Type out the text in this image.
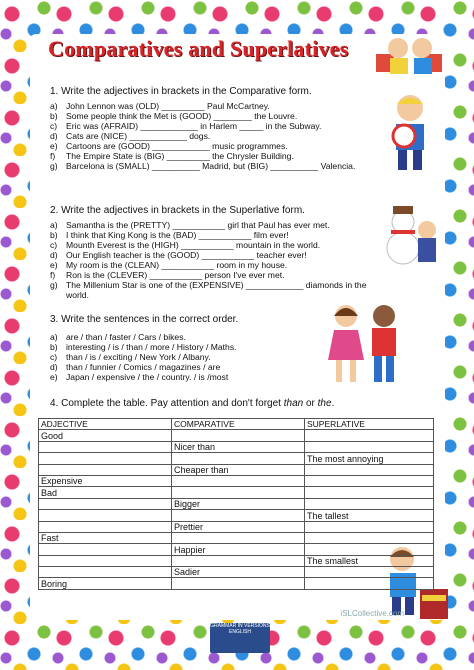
Comparatives and Superlatives
1. Write the adjectives in brackets in the Comparative form.
a) John Lennon was (OLD) _________ Paul McCartney.
b) Some people think the Met is (GOOD) ________ the Louvre.
c)	Eric was (AFRAID) ____________ in Harlem _____ in the Subway.
d) Cats are (NICE) ____________ dogs.
e) Cartoons are (GOOD) ____________ music programmes.
f)	The Empire State is (BIG) _________ the Chrysler Building.
g) Barcelona is (SMALL) __________ Madrid, but (BIG) __________ Valencia.
2. Write the adjectives in brackets in the Superlative form.
a) Samantha is the (PRETTY) ___________ girl that Paul has ever met.
b) I think that King Kong is the (BAD) ___________ film ever!
c)	Mounth Everest is the (HIGH) ___________ mountain in the world.
d) Our English teacher is the (GOOD) ___________ teacher ever!
e) My room is the (CLEAN) ___________ room in my house.
f)	Ron is the (CLEVER) ___________ person I've ever met.
g) The Millenium Star is one of the (EXPENSIVE) ____________ diamonds in the world.
3. Write the sentences in the correct order.
a) are / than / faster / Cars / bikes.
b) interesting / is / than / more / History / Maths.
c)	than / is / exciting / New York / Albany.
d) than / funnier / Comics / magazines / are
e) Japan / expensive / the / country. / is /most
4. Complete the table. Pay attention and don't forget than or the.
ADJECTIVE	COMPARATIVE	SUPERLATIVE
Good		
	Nicer than	
		The most annoying
	Cheaper than	
Expensive		
Bad		
	Bigger	
		The tallest
	Prettier	
Fast		
	Happier	
		The smallest
	Sadier	
Boring		
iSLCollective.com
GRAMMAR IN VERSIONS ENGLISH
